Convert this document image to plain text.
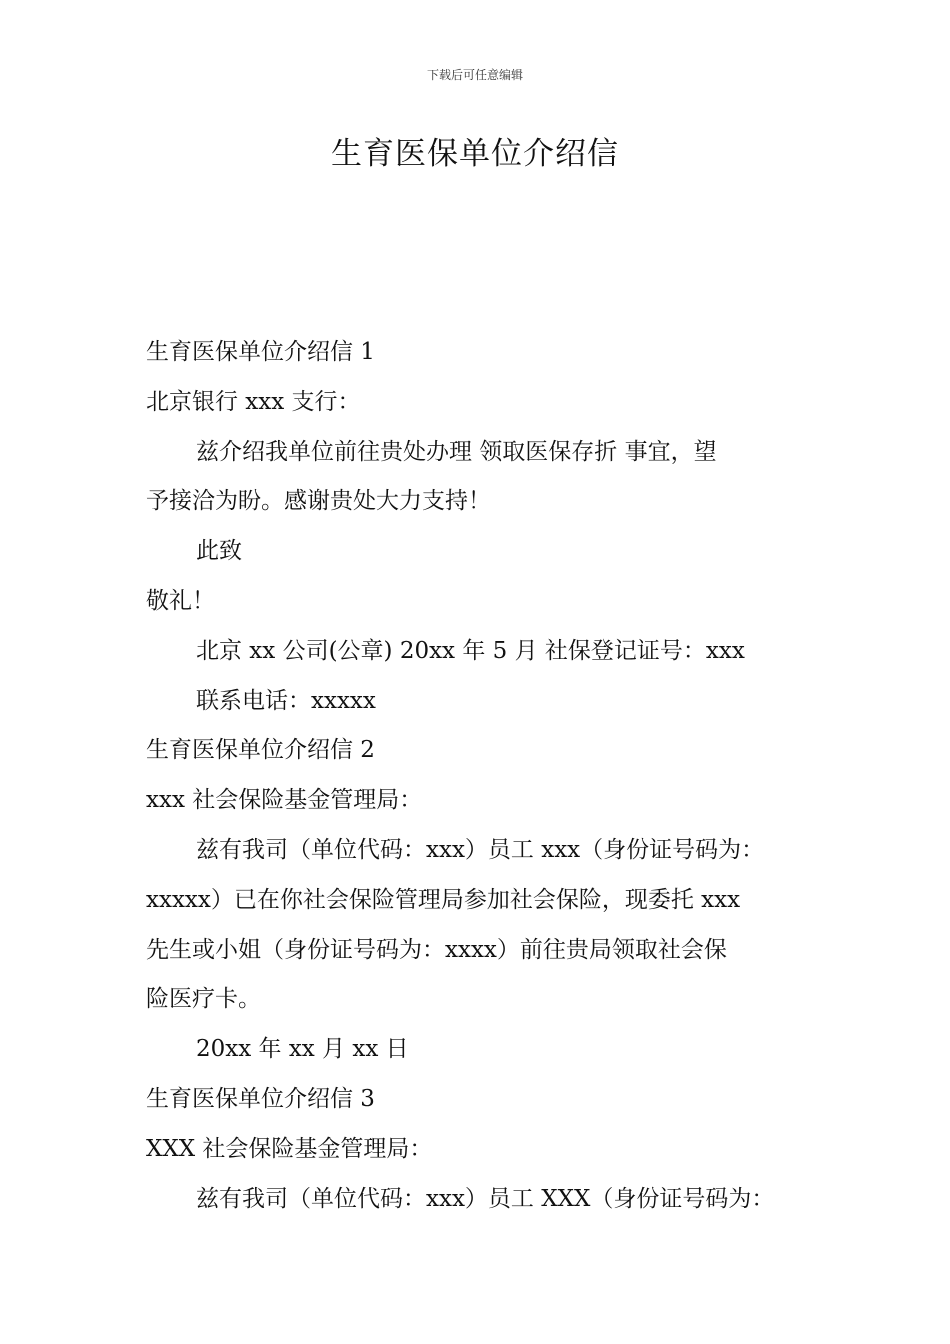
下载后可任意编辑
生育医保单位介绍信

生育医保单位介绍信 1

北京银行 xxx 支行：

兹介绍我单位前往贵处办理 领取医保存折 事宜，望

予接洽为盼。感谢贵处大力支持！

此致

敬礼！

北京 xx 公司(公章) 20xx 年 5 月 社保登记证号：xxx

联系电话：xxxxx

生育医保单位介绍信 2

xxx 社会保险基金管理局：

兹有我司（单位代码：xxx）员工 xxx（身份证号码为：

xxxxx）已在你社会保险管理局参加社会保险，现委托 xxx

先生或小姐（身份证号码为：xxxx）前往贵局领取社会保

险医疗卡。

20xx 年 xx 月 xx 日

生育医保单位介绍信 3

XXX 社会保险基金管理局：

兹有我司（单位代码：xxx）员工 XXX（身份证号码为：
